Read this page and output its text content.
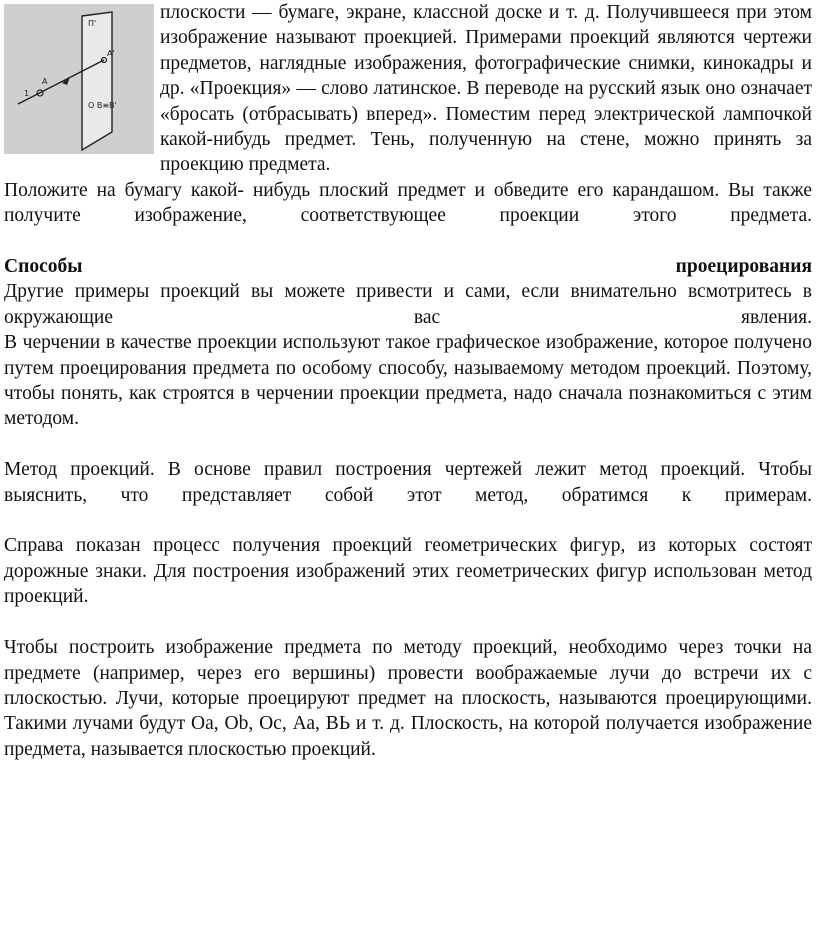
П'
A
1
A'
О В≡В'

плоскости — бумаге, экране, классной доске и т. д. Получившееся при этом изображение называют проекцией. Примерами проекций являются чертежи предметов, наглядные изображения, фотографические снимки, кинокадры и др. «Проекция» — слово латинское. В переводе на русский язык оно означает «бросать (отбрасывать) вперед». Поместим перед электрической лампочкой какой-нибудь предмет. Тень, полученную на стене, можно принять за проекцию предмета.

Положите на бумагу какой- нибудь плоский предмет и обведите его карандашом. Вы также получите изображение, соответствующее проекции этого предмета.

Способы	проецирования

Другие примеры проекций вы можете привести и сами, если внимательно всмотритесь в окружающие вас явления.

В черчении в качестве проекции используют такое графическое изображение, которое получено путем проецирования предмета по особому способу, называемому методом проекций. Поэтому, чтобы понять, как строятся в черчении проекции предмета, надо сначала познакомиться с этим методом.

Метод проекций. В основе правил построения чертежей лежит метод проекций. Чтобы выяснить, что представляет собой этот метод, обратимся к примерам.

Справа показан процесс получения проекций геометрических фигур, из которых состоят дорожные знаки. Для построения изображений этих геометрических фигур использован метод проекций.

Чтобы построить изображение предмета по методу проекций, необходимо через точки на предмете (например, через его вершины) провести воображаемые лучи до встречи их с плоскостью. Лучи, которые проецируют предмет на плоскость, называются проецирующими. Такими лучами будут Оа, Оb, Ос, Аа, ВЬ и т. д. Плоскость, на которой получается изображение предмета, называется плоскостью проекций.
